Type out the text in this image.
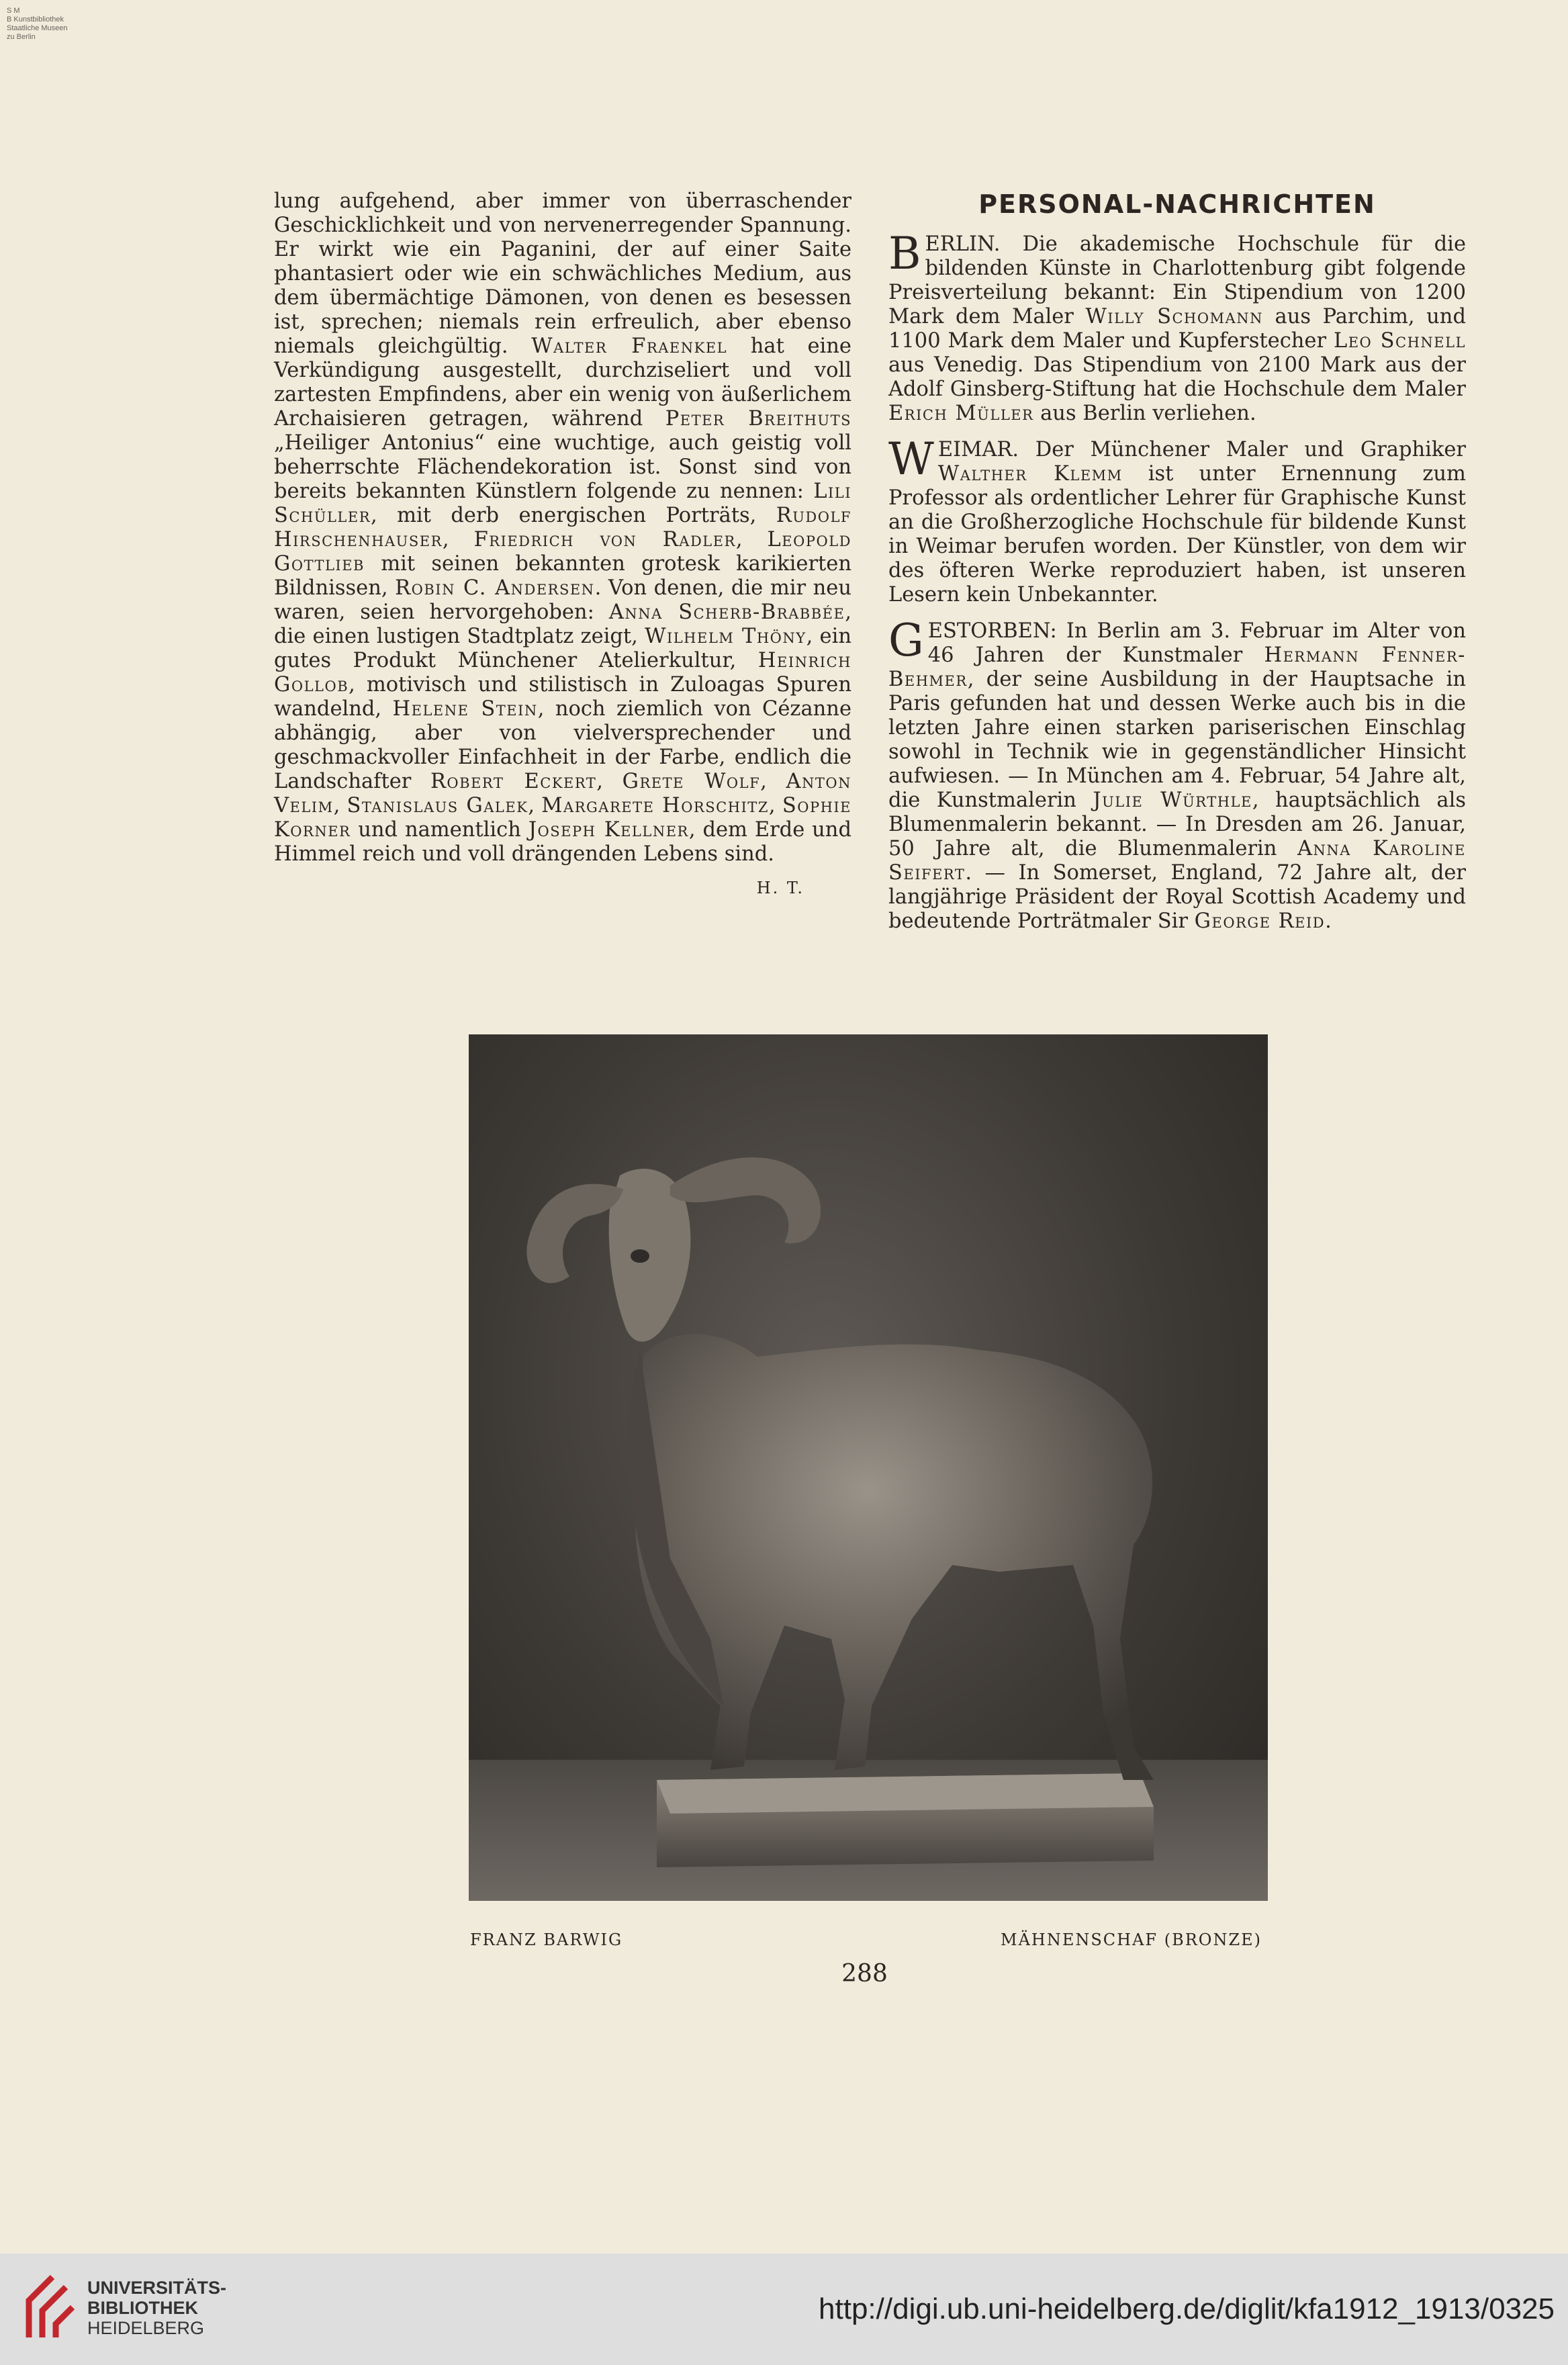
S M
B Kunstbibliothek
Staatliche Museen
zu Berlin

lung aufgehend, aber immer von überraschender Geschicklichkeit und von nervenerregender Spannung. Er wirkt wie ein Paganini, der auf einer Saite phantasiert oder wie ein schwächliches Medium, aus dem übermächtige Dämonen, von denen es besessen ist, sprechen; niemals rein erfreulich, aber ebenso niemals gleichgültig. Walter Fraenkel hat eine Verkündigung ausgestellt, durchziseliert und voll zartesten Empfindens, aber ein wenig von äußerlichem Archaisieren getragen, während Peter Breithuts „Heiliger Antonius“ eine wuchtige, auch geistig voll beherrschte Flächendekoration ist. Sonst sind von bereits bekannten Künstlern folgende zu nennen: Lili Schüller, mit derb energischen Porträts, Rudolf Hirschenhauser, Friedrich von Radler, Leopold Gottlieb mit seinen bekannten grotesk karikierten Bildnissen, Robin C. Andersen. Von denen, die mir neu waren, seien hervorgehoben: Anna Scherb-Brabbée, die einen lustigen Stadtplatz zeigt, Wilhelm Thöny, ein gutes Produkt Münchener Atelierkultur, Heinrich Gollob, motivisch und stilistisch in Zuloagas Spuren wandelnd, Helene Stein, noch ziemlich von Cézanne abhängig, aber von vielversprechender und geschmackvoller Einfachheit in der Farbe, endlich die Landschafter Robert Eckert, Grete Wolf, Anton Velim, Stanislaus Galek, Margarete Horschitz, Sophie Korner und namentlich Joseph Kellner, dem Erde und Himmel reich und voll drängenden Lebens sind.

H. T.

PERSONAL-NACHRICHTEN

BERLIN. Die akademische Hochschule für die bildenden Künste in Charlottenburg gibt folgende Preisverteilung bekannt: Ein Stipendium von 1200 Mark dem Maler Willy Schomann aus Parchim, und 1100 Mark dem Maler und Kupferstecher Leo Schnell aus Venedig. Das Stipendium von 2100 Mark aus der Adolf Ginsberg-Stiftung hat die Hochschule dem Maler Erich Müller aus Berlin verliehen.

WEIMAR. Der Münchener Maler und Graphiker Walther Klemm ist unter Ernennung zum Professor als ordentlicher Lehrer für Graphische Kunst an die Großherzogliche Hochschule für bildende Kunst in Weimar berufen worden. Der Künstler, von dem wir des öfteren Werke reproduziert haben, ist unseren Lesern kein Unbekannter.

GESTORBEN: In Berlin am 3. Februar im Alter von 46 Jahren der Kunstmaler Hermann Fenner-Behmer, der seine Ausbildung in der Hauptsache in Paris gefunden hat und dessen Werke auch bis in die letzten Jahre einen starken pariserischen Einschlag sowohl in Technik wie in gegenständlicher Hinsicht aufwiesen. — In München am 4. Februar, 54 Jahre alt, die Kunstmalerin Julie Würthle, hauptsächlich als Blumenmalerin bekannt. — In Dresden am 26. Januar, 50 Jahre alt, die Blumenmalerin Anna Karoline Seifert. — In Somerset, England, 72 Jahre alt, der langjährige Präsident der Royal Scottish Academy und bedeutende Porträtmaler Sir George Reid.

FRANZ BARWIG	MÄHNENSCHAF (BRONZE)
288
UNIVERSITÄTS-
BIBLIOTHEK
HEIDELBERG
http://digi.ub.uni-heidelberg.de/diglit/kfa1912_1913/0325
